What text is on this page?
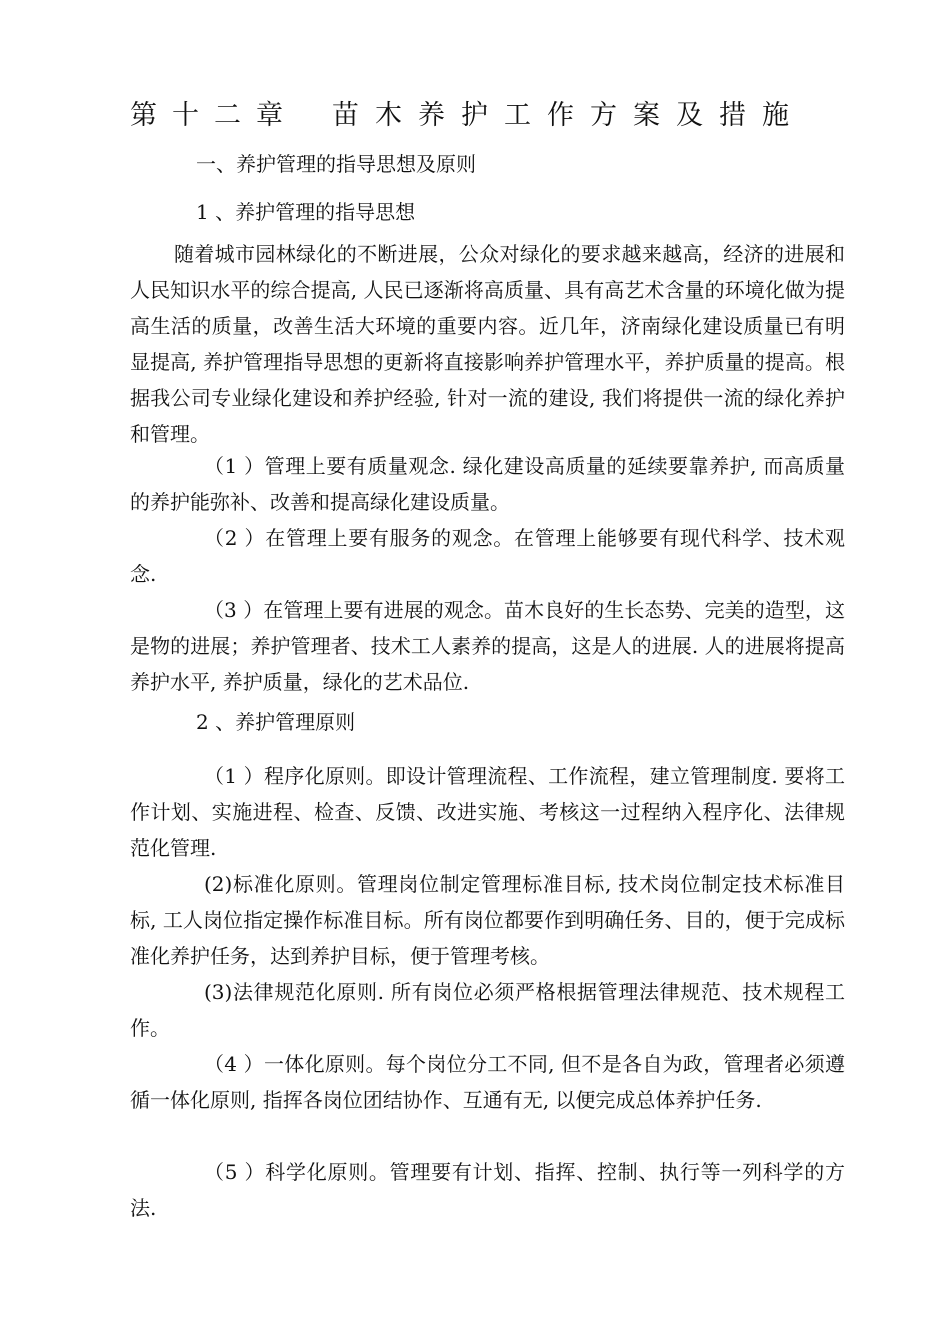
第十二章 苗木养护工作方案及措施
一、养护管理的指导思想及原则
1 、养护管理的指导思想
随着城市园林绿化的不断进展，公众对绿化的要求越来越高，经济的进展和人民知识水平的综合提高, 人民已逐渐将高质量、具有高艺术含量的环境化做为提高生活的质量，改善生活大环境的重要内容。近几年，济南绿化建设质量已有明显提高, 养护管理指导思想的更新将直接影响养护管理水平，养护质量的提高。根据我公司专业绿化建设和养护经验, 针对一流的建设, 我们将提供一流的绿化养护和管理。
（1 ）管理上要有质量观念. 绿化建设高质量的延续要靠养护, 而高质量的养护能弥补、改善和提高绿化建设质量。
（2 ）在管理上要有服务的观念。在管理上能够要有现代科学、技术观念.
（3 ）在管理上要有进展的观念。苗木良好的生长态势、完美的造型，这是物的进展；养护管理者、技术工人素养的提高，这是人的进展. 人的进展将提高养护水平, 养护质量，绿化的艺术品位.
2 、养护管理原则
（1 ）程序化原则。即设计管理流程、工作流程，建立管理制度. 要将工作计划、实施进程、检查、反馈、改进实施、考核这一过程纳入程序化、法律规范化管理.
(2)标准化原则。管理岗位制定管理标准目标, 技术岗位制定技术标准目标, 工人岗位指定操作标准目标。所有岗位都要作到明确任务、目的，便于完成标准化养护任务，达到养护目标，便于管理考核。
(3)法律规范化原则. 所有岗位必须严格根据管理法律规范、技术规程工作。
（4 ）一体化原则。每个岗位分工不同, 但不是各自为政，管理者必须遵循一体化原则, 指挥各岗位团结协作、互通有无, 以便完成总体养护任务.
（5 ）科学化原则。管理要有计划、指挥、控制、执行等一列科学的方法.
